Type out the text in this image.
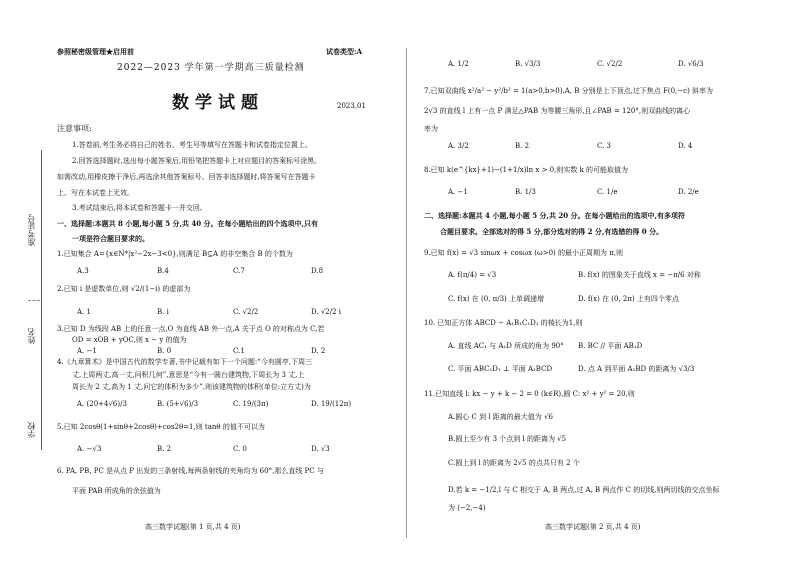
准考证号
姓名
学校
参照秘密级管理★启用前	试卷类型:A
2022—2023 学年第一学期高三质量检测
数学试题	2023.01
注意事项:
1.答卷前,考生务必将自己的姓名、考生号等填写在答题卡和试卷指定位置上。
2.回答选择题时,选出每小题答案后,用铅笔把答题卡上对应题目的答案标号涂黑。
如需改动,用橡皮擦干净后,再选涂其他答案标号。回答非选择题时,将答案写在答题卡
上。写在本试卷上无效。
3.考试结束后,将本试卷和答题卡一并交回。
一、选择题:本题共 8 小题,每小题 5 分,共 40 分。在每小题给出的四个选项中,只有
一项是符合题目要求的。
1.已知集合 A={x∈N*|x²−2x−3<0},则满足 B⊆A 的非空集合 B 的个数为
A.3	B.4	C.7	D.8
2.已知 i 是虚数单位,则 √2/(1−i) 的虚部为
A. 1	B. i	C. √2/2	D. √2/2 i
3.已知 D 为线段 AB 上的任意一点,O 为直线 AB 外一点,A 关于点 O 的对称点为 C,若
OD = xOB + yOC,则 x − y 的值为
A. −1	B. 0	C.1	D. 2
4.《九章算术》是中国古代的数学专著,书中记载有如下一个问题:“今有圆亭,下周三
丈,上周两丈,高一丈,问积几何”,意思是“今有一圆台建筑物,下周长为 3 丈,上
周长为 2 丈,高为 1 丈,问它的体积为多少”,则该建筑物的体积(单位:立方丈)为
A. (20+4√6)/3	B. (5+√6)/3	C. 19/(3π)	D. 19/(12π)
5.已知 2cosθ(1+sinθ+2cosθ)+cos2θ=1,则 tanθ 的值不可以为
A. −√3	B. 2	C. 0	D. √3
6. PA, PB, PC 是从点 P 出发的三条射线,每两条射线的夹角均为 60°,那么直线 PC 与
平面 PAB 所成角的余弦值为
高三数学试题(第 1 页,共 4 页)
A. 1/2	B. √3/3	C. √2/2	D. √6/3
7.已知双曲线 x²/a² − y²/b² = 1(a>0,b>0),A, B 分别是上下顶点,过下焦点 F(0,−c) 斜率为
2√3 的直线 l 上有一点 P 满足△PAB 为等腰三角形,且∠PAB = 120°,则双曲线的离心
率为
A. 3/2	B. 2	C. 3	D. 4
8.已知 k(e^{kx}+1)−(1+1/x)ln x > 0,则实数 k 的可能取值为
A. −1	B. 1/3	C. 1/e	D. 2/e
二、选择题:本题共 4 小题,每小题 5 分,共 20 分。在每小题给出的选项中,有多项符
合题目要求。全部选对的得 5 分,部分选对的得 2 分,有选错的得 0 分。
9.已知 f(x) = √3 sinωx + cosωx (ω>0) 的最小正周期为 π,则
A. f(π/4) = √3	B. f(x) 的图象关于直线 x = −π/6 对称
C. f(x) 在 (0, π/3) 上单调递增	D. f(x) 在 (0, 2π) 上有四个零点
10. 已知正方体 ABCD − A₁B₁C₁D₁ 的棱长为1,则
A. 直线 AC₁ 与 A₁D 所成的角为 90° B. BC // 平面 AB₁D
C. 平面 ABC₁D₁ ⊥ 平面 A₁BCD	D. 点 A 到平面 A₁BD 的距离为 √3/3
11.已知直线 l: kx − y + k − 2 = 0 (k∈R),圆 C: x² + y² = 20,则
A.圆心 C 到 l 距离的最大值为 √6
B.圆上至少有 3 个点到 l 的距离为 √5
C.圆上到 l 的距离为 2√5 的点共只有 2 个
D.若 k = −1/2,l 与 C 相交于 A, B 两点,过 A, B 两点作 C 的切线,则两切线的交点坐标
为 (−2,−4)
高三数学试题(第 2 页,共 4 页)
